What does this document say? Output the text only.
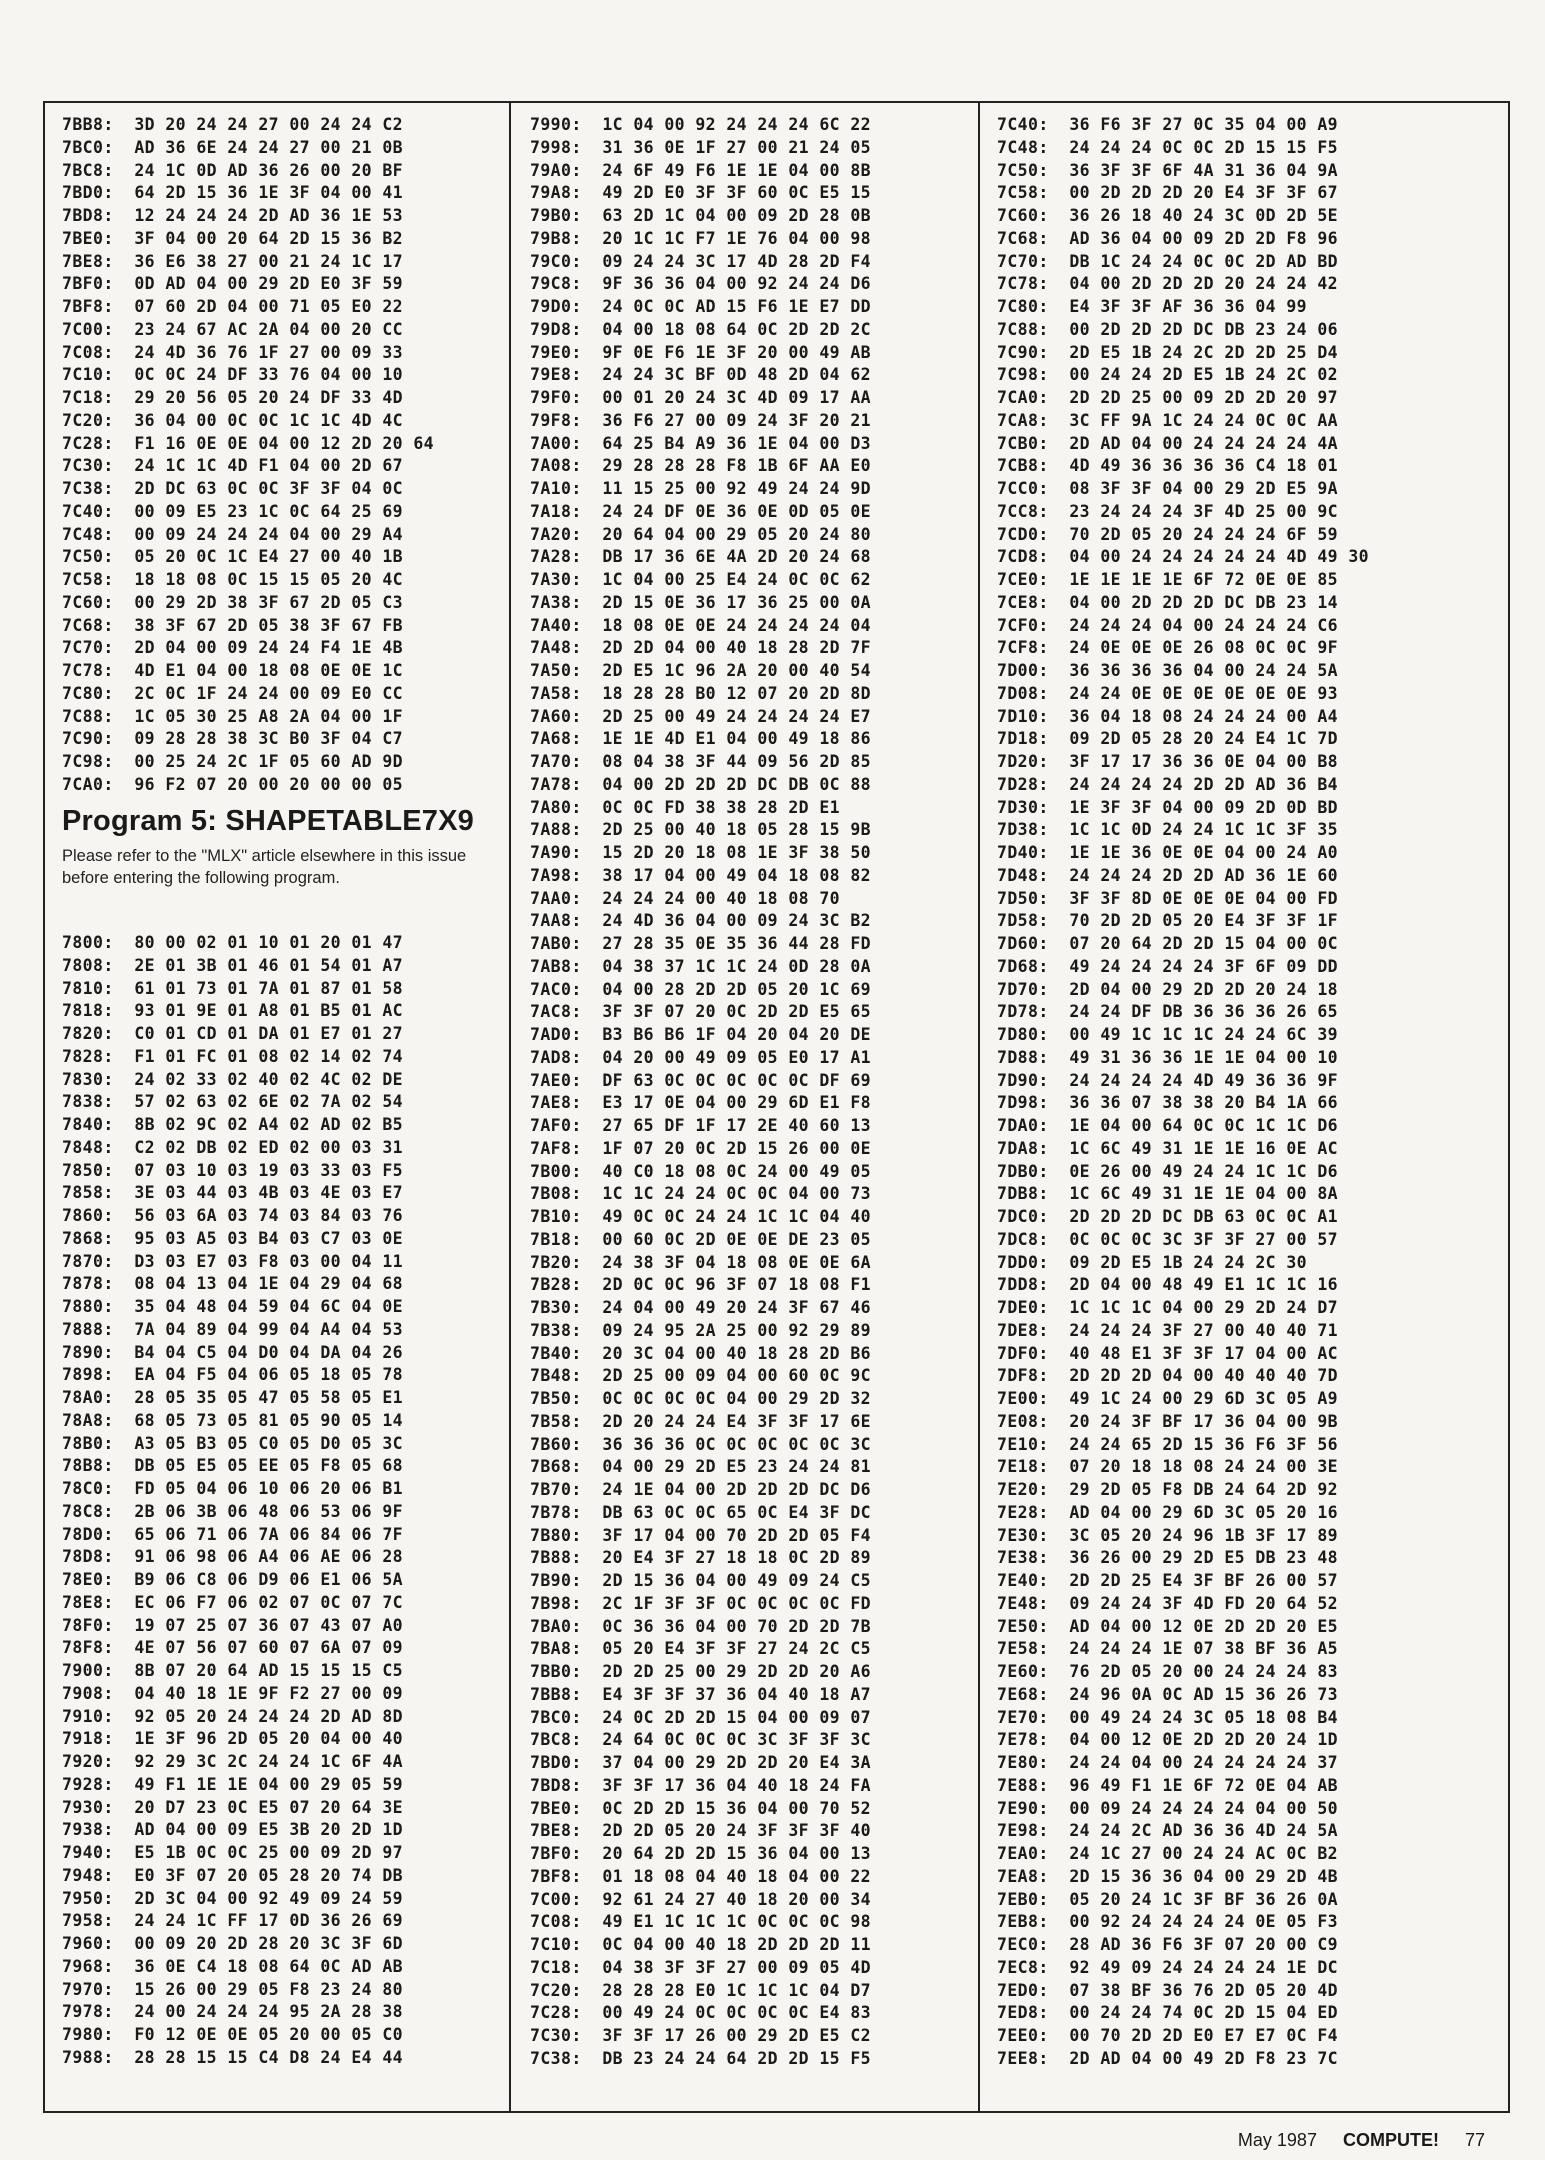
7BB8:  3D 20 24 24 27 00 24 24 C2
7BC0:  AD 36 6E 24 24 27 00 21 0B
7BC8:  24 1C 0D AD 36 26 00 20 BF
7BD0:  64 2D 15 36 1E 3F 04 00 41
7BD8:  12 24 24 24 2D AD 36 1E 53
7BE0:  3F 04 00 20 64 2D 15 36 B2
7BE8:  36 E6 38 27 00 21 24 1C 17
7BF0:  0D AD 04 00 29 2D E0 3F 59
7BF8:  07 60 2D 04 00 71 05 E0 22
7C00:  23 24 67 AC 2A 04 00 20 CC
7C08:  24 4D 36 76 1F 27 00 09 33
7C10:  0C 0C 24 DF 33 76 04 00 10
7C18:  29 20 56 05 20 24 DF 33 4D
7C20:  36 04 00 0C 0C 1C 1C 4D 4C
7C28:  F1 16 0E 0E 04 00 12 2D 20 64
7C30:  24 1C 1C 4D F1 04 00 2D 67
7C38:  2D DC 63 0C 0C 3F 3F 04 0C
7C40:  00 09 E5 23 1C 0C 64 25 69
7C48:  00 09 24 24 24 04 00 29 A4
7C50:  05 20 0C 1C E4 27 00 40 1B
7C58:  18 18 08 0C 15 15 05 20 4C
7C60:  00 29 2D 38 3F 67 2D 05 C3
7C68:  38 3F 67 2D 05 38 3F 67 FB
7C70:  2D 04 00 09 24 24 F4 1E 4B
7C78:  4D E1 04 00 18 08 0E 0E 1C
7C80:  2C 0C 1F 24 24 00 09 E0 CC
7C88:  1C 05 30 25 A8 2A 04 00 1F
7C90:  09 28 28 38 3C B0 3F 04 C7
7C98:  00 25 24 2C 1F 05 60 AD 9D
7CA0:  96 F2 07 20 00 20 00 00 05
Program 5: SHAPETABLE7X9
Please refer to the "MLX" article elsewhere in this issue before entering the following program.
7800:  80 00 02 01 10 01 20 01 47
7808:  2E 01 3B 01 46 01 54 01 A7
7810:  61 01 73 01 7A 01 87 01 58
7818:  93 01 9E 01 A8 01 B5 01 AC
7820:  C0 01 CD 01 DA 01 E7 01 27
7828:  F1 01 FC 01 08 02 14 02 74
7830:  24 02 33 02 40 02 4C 02 DE
7838:  57 02 63 02 6E 02 7A 02 54
7840:  8B 02 9C 02 A4 02 AD 02 B5
7848:  C2 02 DB 02 ED 02 00 03 31
7850:  07 03 10 03 19 03 33 03 F5
7858:  3E 03 44 03 4B 03 4E 03 E7
7860:  56 03 6A 03 74 03 84 03 76
7868:  95 03 A5 03 B4 03 C7 03 0E
7870:  D3 03 E7 03 F8 03 00 04 11
7878:  08 04 13 04 1E 04 29 04 68
7880:  35 04 48 04 59 04 6C 04 0E
7888:  7A 04 89 04 99 04 A4 04 53
7890:  B4 04 C5 04 D0 04 DA 04 26
7898:  EA 04 F5 04 06 05 18 05 78
78A0:  28 05 35 05 47 05 58 05 E1
78A8:  68 05 73 05 81 05 90 05 14
78B0:  A3 05 B3 05 C0 05 D0 05 3C
78B8:  DB 05 E5 05 EE 05 F8 05 68
78C0:  FD 05 04 06 10 06 20 06 B1
78C8:  2B 06 3B 06 48 06 53 06 9F
78D0:  65 06 71 06 7A 06 84 06 7F
78D8:  91 06 98 06 A4 06 AE 06 28
78E0:  B9 06 C8 06 D9 06 E1 06 5A
78E8:  EC 06 F7 06 02 07 0C 07 7C
78F0:  19 07 25 07 36 07 43 07 A0
78F8:  4E 07 56 07 60 07 6A 07 09
7900:  8B 07 20 64 AD 15 15 15 C5
7908:  04 40 18 1E 9F F2 27 00 09
7910:  92 05 20 24 24 24 2D AD 8D
7918:  1E 3F 96 2D 05 20 04 00 40
7920:  92 29 3C 2C 24 24 1C 6F 4A
7928:  49 F1 1E 1E 04 00 29 05 59
7930:  20 D7 23 0C E5 07 20 64 3E
7938:  AD 04 00 09 E5 3B 20 2D 1D
7940:  E5 1B 0C 0C 25 00 09 2D 97
7948:  E0 3F 07 20 05 28 20 74 DB
7950:  2D 3C 04 00 92 49 09 24 59
7958:  24 24 1C FF 17 0D 36 26 69
7960:  00 09 20 2D 28 20 3C 3F 6D
7968:  36 0E C4 18 08 64 0C AD AB
7970:  15 26 00 29 05 F8 23 24 80
7978:  24 00 24 24 24 95 2A 28 38
7980:  F0 12 0E 0E 05 20 00 05 C0
7988:  28 28 15 15 C4 D8 24 E4 44
7990:  1C 04 00 92 24 24 24 6C 22
7998:  31 36 0E 1F 27 00 21 24 05
79A0:  24 6F 49 F6 1E 1E 04 00 8B
79A8:  49 2D E0 3F 3F 60 0C E5 15
79B0:  63 2D 1C 04 00 09 2D 28 0B
79B8:  20 1C 1C F7 1E 76 04 00 98
79C0:  09 24 24 3C 17 4D 28 2D F4
79C8:  9F 36 36 04 00 92 24 24 D6
79D0:  24 0C 0C AD 15 F6 1E E7 DD
79D8:  04 00 18 08 64 0C 2D 2D 2C
79E0:  9F 0E F6 1E 3F 20 00 49 AB
79E8:  24 24 3C BF 0D 48 2D 04 62
79F0:  00 01 20 24 3C 4D 09 17 AA
79F8:  36 F6 27 00 09 24 3F 20 21
7A00:  64 25 B4 A9 36 1E 04 00 D3
7A08:  29 28 28 28 F8 1B 6F AA E0
7A10:  11 15 25 00 92 49 24 24 9D
7A18:  24 24 DF 0E 36 0E 0D 05 0E
7A20:  20 64 04 00 29 05 20 24 80
7A28:  DB 17 36 6E 4A 2D 20 24 68
7A30:  1C 04 00 25 E4 24 0C 0C 62
7A38:  2D 15 0E 36 17 36 25 00 0A
7A40:  18 08 0E 0E 24 24 24 24 04
7A48:  2D 2D 04 00 40 18 28 2D 7F
7A50:  2D E5 1C 96 2A 20 00 40 54
7A58:  18 28 28 B0 12 07 20 2D 8D
7A60:  2D 25 00 49 24 24 24 24 E7
7A68:  1E 1E 4D E1 04 00 49 18 86
7A70:  08 04 38 3F 44 09 56 2D 85
7A78:  04 00 2D 2D 2D DC DB 0C 88
7A80:  0C 0C FD 38 38 28 2D E1
7A88:  2D 25 00 40 18 05 28 15 9B
7A90:  15 2D 20 18 08 1E 3F 38 50
7A98:  38 17 04 00 49 04 18 08 82
7AA0:  24 24 24 00 40 18 08 70
7AA8:  24 4D 36 04 00 09 24 3C B2
7AB0:  27 28 35 0E 35 36 44 28 FD
7AB8:  04 38 37 1C 1C 24 0D 28 0A
7AC0:  04 00 28 2D 2D 05 20 1C 69
7AC8:  3F 3F 07 20 0C 2D 2D E5 65
7AD0:  B3 B6 B6 1F 04 20 04 20 DE
7AD8:  04 20 00 49 09 05 E0 17 A1
7AE0:  DF 63 0C 0C 0C 0C 0C DF 69
7AE8:  E3 17 0E 04 00 29 6D E1 F8
7AF0:  27 65 DF 1F 17 2E 40 60 13
7AF8:  1F 07 20 0C 2D 15 26 00 0E
7B00:  40 C0 18 08 0C 24 00 49 05
7B08:  1C 1C 24 24 0C 0C 04 00 73
7B10:  49 0C 0C 24 24 1C 1C 04 40
7B18:  00 60 0C 2D 0E 0E DE 23 05
7B20:  24 38 3F 04 18 08 0E 0E 6A
7B28:  2D 0C 0C 96 3F 07 18 08 F1
7B30:  24 04 00 49 20 24 3F 67 46
7B38:  09 24 95 2A 25 00 92 29 89
7B40:  20 3C 04 00 40 18 28 2D B6
7B48:  2D 25 00 09 04 00 60 0C 9C
7B50:  0C 0C 0C 0C 04 00 29 2D 32
7B58:  2D 20 24 24 E4 3F 3F 17 6E
7B60:  36 36 36 0C 0C 0C 0C 0C 3C
7B68:  04 00 29 2D E5 23 24 24 81
7B70:  24 1E 04 00 2D 2D 2D DC D6
7B78:  DB 63 0C 0C 65 0C E4 3F DC
7B80:  3F 17 04 00 70 2D 2D 05 F4
7B88:  20 E4 3F 27 18 18 0C 2D 89
7B90:  2D 15 36 04 00 49 09 24 C5
7B98:  2C 1F 3F 3F 0C 0C 0C 0C FD
7BA0:  0C 36 36 04 00 70 2D 2D 7B
7BA8:  05 20 E4 3F 3F 27 24 2C C5
7BB0:  2D 2D 25 00 29 2D 2D 20 A6
7BB8:  E4 3F 3F 37 36 04 40 18 A7
7BC0:  24 0C 2D 2D 15 04 00 09 07
7BC8:  24 64 0C 0C 0C 3C 3F 3F 3C
7BD0:  37 04 00 29 2D 2D 20 E4 3A
7BD8:  3F 3F 17 36 04 40 18 24 FA
7BE0:  0C 2D 2D 15 36 04 00 70 52
7BE8:  2D 2D 05 20 24 3F 3F 3F 40
7BF0:  20 64 2D 2D 15 36 04 00 13
7BF8:  01 18 08 04 40 18 04 00 22
7C00:  92 61 24 27 40 18 20 00 34
7C08:  49 E1 1C 1C 1C 0C 0C 0C 98
7C10:  0C 04 00 40 18 2D 2D 2D 11
7C18:  04 38 3F 3F 27 00 09 05 4D
7C20:  28 28 28 E0 1C 1C 1C 04 D7
7C28:  00 49 24 0C 0C 0C 0C E4 83
7C30:  3F 3F 17 26 00 29 2D E5 C2
7C38:  DB 23 24 24 64 2D 2D 15 F5
7C40:  36 F6 3F 27 0C 35 04 00 A9
7C48:  24 24 24 0C 0C 2D 15 15 F5
7C50:  36 3F 3F 6F 4A 31 36 04 9A
7C58:  00 2D 2D 2D 20 E4 3F 3F 67
7C60:  36 26 18 40 24 3C 0D 2D 5E
7C68:  AD 36 04 00 09 2D 2D F8 96
7C70:  DB 1C 24 24 0C 0C 2D AD BD
7C78:  04 00 2D 2D 2D 20 24 24 42
7C80:  E4 3F 3F AF 36 36 04 99
7C88:  00 2D 2D 2D DC DB 23 24 06
7C90:  2D E5 1B 24 2C 2D 2D 25 D4
7C98:  00 24 24 2D E5 1B 24 2C 02
7CA0:  2D 2D 25 00 09 2D 2D 20 97
7CA8:  3C FF 9A 1C 24 24 0C 0C AA
7CB0:  2D AD 04 00 24 24 24 24 4A
7CB8:  4D 49 36 36 36 36 C4 18 01
7CC0:  08 3F 3F 04 00 29 2D E5 9A
7CC8:  23 24 24 24 3F 4D 25 00 9C
7CD0:  70 2D 05 20 24 24 24 6F 59
7CD8:  04 00 24 24 24 24 24 4D 49 30
7CE0:  1E 1E 1E 1E 6F 72 0E 0E 85
7CE8:  04 00 2D 2D 2D DC DB 23 14
7CF0:  24 24 24 04 00 24 24 24 C6
7CF8:  24 0E 0E 0E 26 08 0C 0C 9F
7D00:  36 36 36 36 04 00 24 24 5A
7D08:  24 24 0E 0E 0E 0E 0E 0E 93
7D10:  36 04 18 08 24 24 24 00 A4
7D18:  09 2D 05 28 20 24 E4 1C 7D
7D20:  3F 17 17 36 36 0E 04 00 B8
7D28:  24 24 24 24 2D 2D AD 36 B4
7D30:  1E 3F 3F 04 00 09 2D 0D BD
7D38:  1C 1C 0D 24 24 1C 1C 3F 35
7D40:  1E 1E 36 0E 0E 04 00 24 A0
7D48:  24 24 24 2D 2D AD 36 1E 60
7D50:  3F 3F 8D 0E 0E 0E 04 00 FD
7D58:  70 2D 2D 05 20 E4 3F 3F 1F
7D60:  07 20 64 2D 2D 15 04 00 0C
7D68:  49 24 24 24 24 3F 6F 09 DD
7D70:  2D 04 00 29 2D 2D 20 24 18
7D78:  24 24 DF DB 36 36 36 26 65
7D80:  00 49 1C 1C 1C 24 24 6C 39
7D88:  49 31 36 36 1E 1E 04 00 10
7D90:  24 24 24 24 4D 49 36 36 9F
7D98:  36 36 07 38 38 20 B4 1A 66
7DA0:  1E 04 00 64 0C 0C 1C 1C D6
7DA8:  1C 6C 49 31 1E 1E 16 0E AC
7DB0:  0E 26 00 49 24 24 1C 1C D6
7DB8:  1C 6C 49 31 1E 1E 04 00 8A
7DC0:  2D 2D 2D DC DB 63 0C 0C A1
7DC8:  0C 0C 0C 3C 3F 3F 27 00 57
7DD0:  09 2D E5 1B 24 24 2C 30
7DD8:  2D 04 00 48 49 E1 1C 1C 16
7DE0:  1C 1C 1C 04 00 29 2D 24 D7
7DE8:  24 24 24 3F 27 00 40 40 71
7DF0:  40 48 E1 3F 3F 17 04 00 AC
7DF8:  2D 2D 2D 04 00 40 40 40 7D
7E00:  49 1C 24 00 29 6D 3C 05 A9
7E08:  20 24 3F BF 17 36 04 00 9B
7E10:  24 24 65 2D 15 36 F6 3F 56
7E18:  07 20 18 18 08 24 24 00 3E
7E20:  29 2D 05 F8 DB 24 64 2D 92
7E28:  AD 04 00 29 6D 3C 05 20 16
7E30:  3C 05 20 24 96 1B 3F 17 89
7E38:  36 26 00 29 2D E5 DB 23 48
7E40:  2D 2D 25 E4 3F BF 26 00 57
7E48:  09 24 24 3F 4D FD 20 64 52
7E50:  AD 04 00 12 0E 2D 2D 20 E5
7E58:  24 24 24 1E 07 38 BF 36 A5
7E60:  76 2D 05 20 00 24 24 24 83
7E68:  24 96 0A 0C AD 15 36 26 73
7E70:  00 49 24 24 3C 05 18 08 B4
7E78:  04 00 12 0E 2D 2D 20 24 1D
7E80:  24 24 04 00 24 24 24 24 37
7E88:  96 49 F1 1E 6F 72 0E 04 AB
7E90:  00 09 24 24 24 24 04 00 50
7E98:  24 24 2C AD 36 36 4D 24 5A
7EA0:  24 1C 27 00 24 24 AC 0C B2
7EA8:  2D 15 36 36 04 00 29 2D 4B
7EB0:  05 20 24 1C 3F BF 36 26 0A
7EB8:  00 92 24 24 24 24 0E 05 F3
7EC0:  28 AD 36 F6 3F 07 20 00 C9
7EC8:  92 49 09 24 24 24 24 1E DC
7ED0:  07 38 BF 36 76 2D 05 20 4D
7ED8:  00 24 24 74 0C 2D 15 04 ED
7EE0:  00 70 2D 2D E0 E7 E7 0C F4
7EE8:  2D AD 04 00 49 2D F8 23 7C
May 1987 COMPUTE! 77
